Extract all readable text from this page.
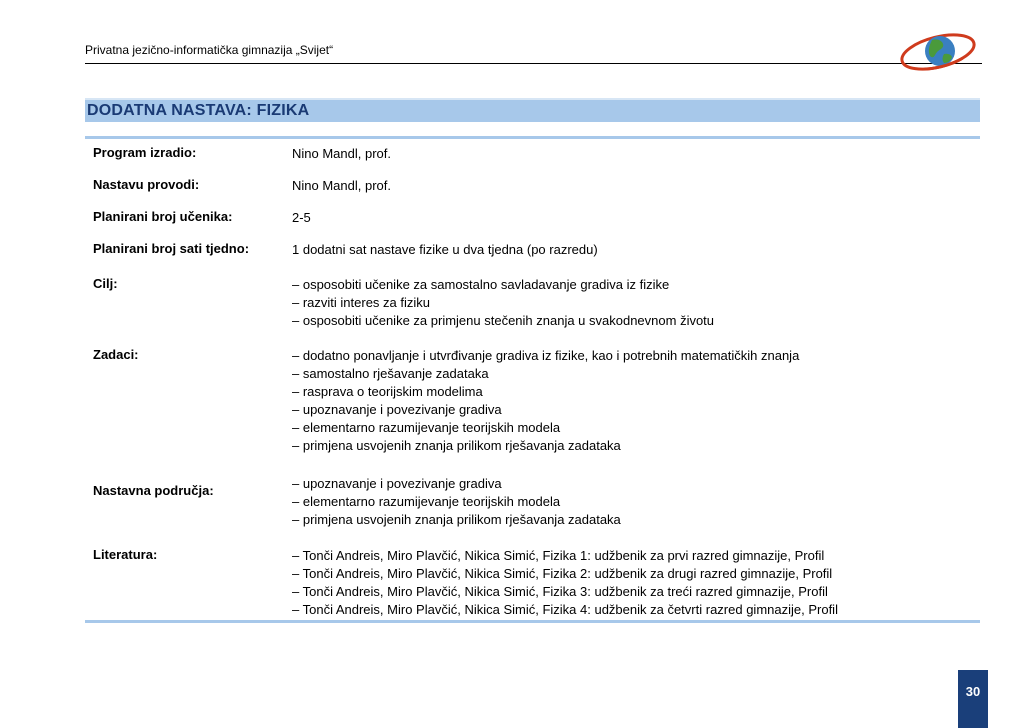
Privatna jezično-informatička gimnazija „Svijet“
DODATNA NASTAVA: FIZIKA
Program izradio:	Nino Mandl, prof.
Nastavu provodi:	Nino Mandl, prof.
Planirani broj učenika:	2-5
Planirani broj sati tjedno:	1 dodatni sat nastave fizike u dva tjedna (po razredu)
Cilj:	– osposobiti učenike za samostalno savladavanje gradiva iz fizike
– razviti interes za fiziku
– osposobiti učenike za primjenu stečenih znanja u svakodnevnom životu
Zadaci:	– dodatno ponavljanje i utvrđivanje gradiva iz fizike, kao i potrebnih matematičkih znanja
– samostalno rješavanje zadataka
– rasprava o teorijskim modelima
– upoznavanje i povezivanje gradiva
– elementarno razumijevanje teorijskih modela
– primjena usvojenih znanja prilikom rješavanja zadataka
Nastavna područja:	– upoznavanje i povezivanje gradiva
– elementarno razumijevanje teorijskih modela
– primjena usvojenih znanja prilikom rješavanja zadataka
Literatura:	– Tonči Andreis, Miro Plavčić, Nikica Simić, Fizika 1: udžbenik za prvi razred gimnazije, Profil
– Tonči Andreis, Miro Plavčić, Nikica Simić, Fizika 2: udžbenik za drugi razred gimnazije, Profil
– Tonči Andreis, Miro Plavčić, Nikica Simić, Fizika 3: udžbenik za treći razred gimnazije, Profil
– Tonči Andreis, Miro Plavčić, Nikica Simić, Fizika 4: udžbenik za četvrti razred gimnazije, Profil
30
